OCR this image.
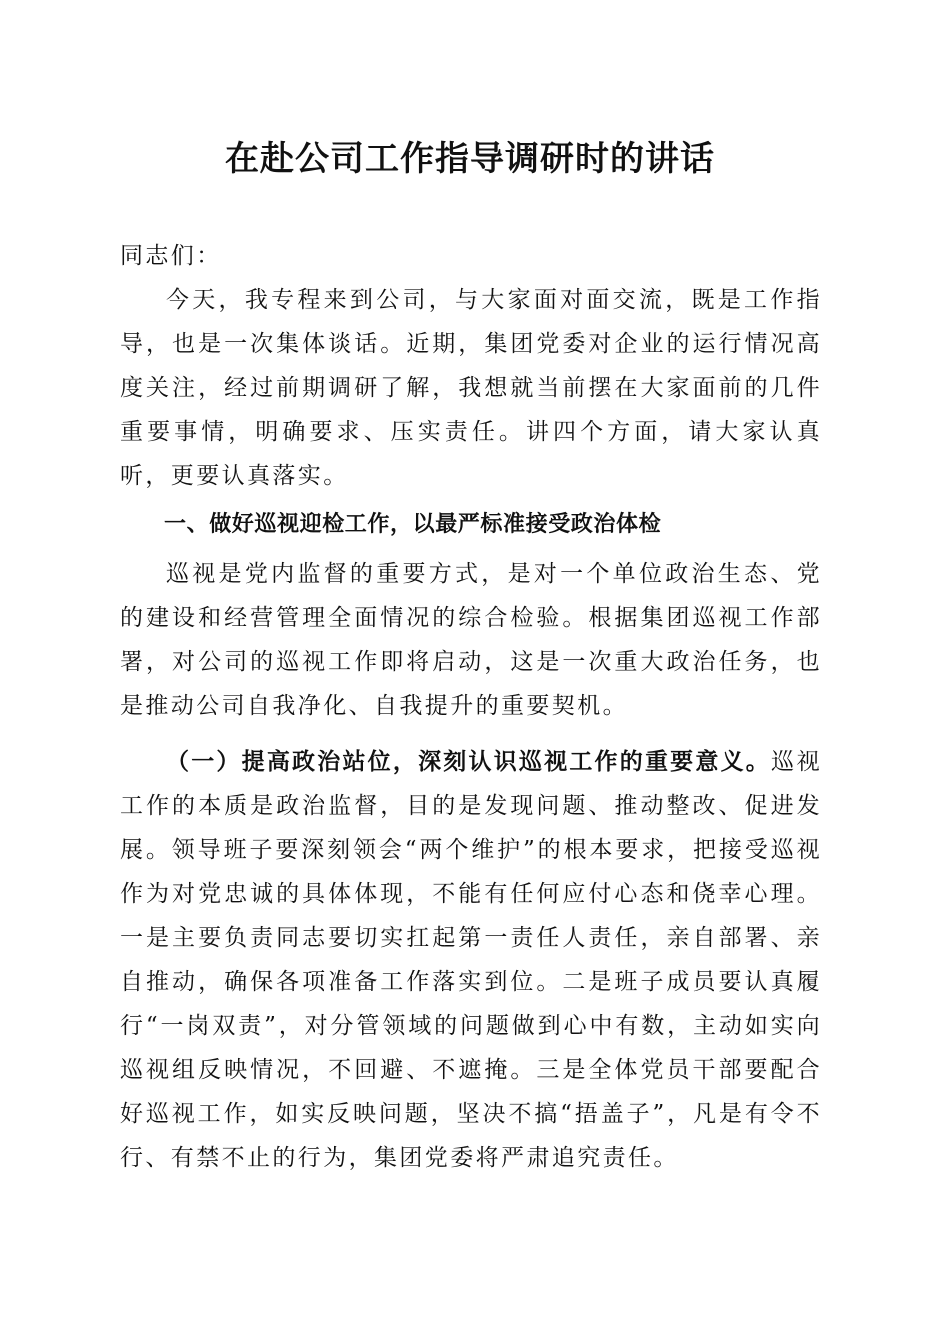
在赴公司工作指导调研时的讲话

同志们：

今天，我专程来到公司，与大家面对面交流，既是工作指导，也是一次集体谈话。近期，集团党委对企业的运行情况高度关注，经过前期调研了解，我想就当前摆在大家面前的几件重要事情，明确要求、压实责任。讲四个方面，请大家认真听，更要认真落实。

一、做好巡视迎检工作，以最严标准接受政治体检

巡视是党内监督的重要方式，是对一个单位政治生态、党的建设和经营管理全面情况的综合检验。根据集团巡视工作部署，对公司的巡视工作即将启动，这是一次重大政治任务，也是推动公司自我净化、自我提升的重要契机。

（一）提高政治站位，深刻认识巡视工作的重要意义。巡视工作的本质是政治监督，目的是发现问题、推动整改、促进发展。领导班子要深刻领会“两个维护”的根本要求，把接受巡视作为对党忠诚的具体体现，不能有任何应付心态和侥幸心理。一是主要负责同志要切实扛起第一责任人责任，亲自部署、亲自推动，确保各项准备工作落实到位。二是班子成员要认真履行“一岗双责”，对分管领域的问题做到心中有数，主动如实向巡视组反映情况，不回避、不遮掩。三是全体党员干部要配合好巡视工作，如实反映问题，坚决不搞“捂盖子”，凡是有令不行、有禁不止的行为，集团党委将严肃追究责任。
